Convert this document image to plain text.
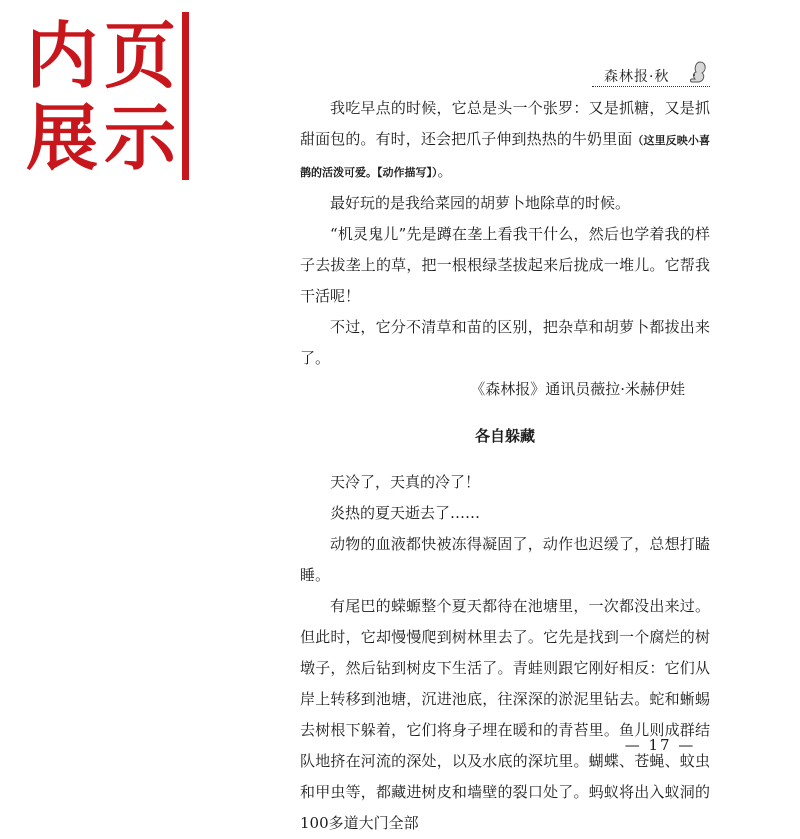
内 页
展 示
森林报·秋

我吃早点的时候，它总是头一个张罗：又是抓糖，又是抓甜面包的。有时，还会把爪子伸到热热的牛奶里面（这里反映小喜鹊的活泼可爱。【动作描写】）。

最好玩的是我给菜园的胡萝卜地除草的时候。

“机灵鬼儿”先是蹲在垄上看我干什么，然后也学着我的样子去拔垄上的草，把一根根绿茎拔起来后拢成一堆儿。它帮我干活呢！

不过，它分不清草和苗的区别，把杂草和胡萝卜都拔出来了。

《森林报》通讯员薇拉·米赫伊娃

各自躲藏

天冷了，天真的冷了！

炎热的夏天逝去了……

动物的血液都快被冻得凝固了，动作也迟缓了，总想打瞌睡。

有尾巴的蝾螈整个夏天都待在池塘里，一次都没出来过。但此时，它却慢慢爬到树林里去了。它先是找到一个腐烂的树墩子，然后钻到树皮下生活了。青蛙则跟它刚好相反：它们从岸上转移到池塘，沉进池底，往深深的淤泥里钻去。蛇和蜥蜴去树根下躲着，它们将身子埋在暖和的青苔里。鱼儿则成群结队地挤在河流的深处，以及水底的深坑里。蝴蝶、苍蝇、蚊虫和甲虫等，都藏进树皮和墙壁的裂口处了。蚂蚁将出入蚁洞的100多道大门全部

— 17 —
